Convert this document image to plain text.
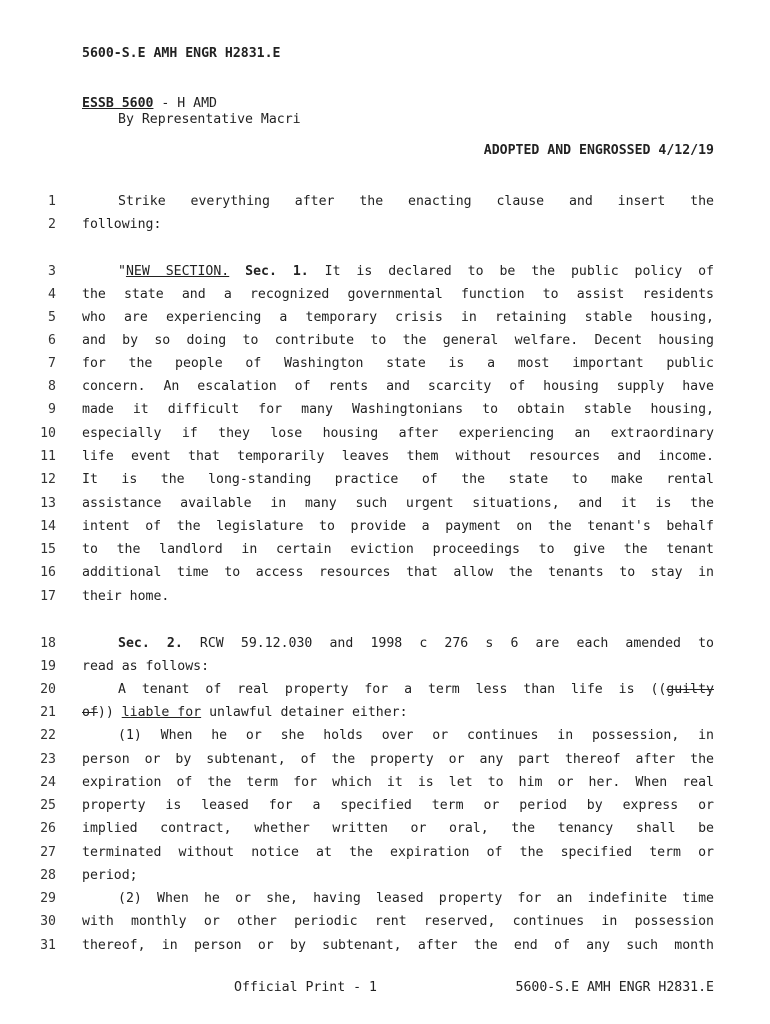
5600-S.E AMH ENGR H2831.E
ESSB 5600 - H AMD
By Representative Macri
ADOPTED AND ENGROSSED 4/12/19
1	Strike everything after the enacting clause and insert the
2 following:
3	"NEW SECTION. Sec. 1. It is declared to be the public policy of
4 the state and a recognized governmental function to assist residents
5 who are experiencing a temporary crisis in retaining stable housing,
6 and by so doing to contribute to the general welfare. Decent housing
7 for the people of Washington state is a most important public
8 concern. An escalation of rents and scarcity of housing supply have
9 made it difficult for many Washingtonians to obtain stable housing,
10 especially if they lose housing after experiencing an extraordinary
11 life event that temporarily leaves them without resources and income.
12 It is the long-standing practice of the state to make rental
13 assistance available in many such urgent situations, and it is the
14 intent of the legislature to provide a payment on the tenant's behalf
15 to the landlord in certain eviction proceedings to give the tenant
16 additional time to access resources that allow the tenants to stay in
17 their home.
18	Sec. 2. RCW 59.12.030 and 1998 c 276 s 6 are each amended to
19 read as follows:
20	A tenant of real property for a term less than life is ((guilty
21 of)) liable for unlawful detainer either:
22	(1) When he or she holds over or continues in possession, in
23 person or by subtenant, of the property or any part thereof after the
24 expiration of the term for which it is let to him or her. When real
25 property is leased for a specified term or period by express or
26 implied contract, whether written or oral, the tenancy shall be
27 terminated without notice at the expiration of the specified term or
28 period;
29	(2) When he or she, having leased property for an indefinite time
30 with monthly or other periodic rent reserved, continues in possession
31 thereof, in person or by subtenant, after the end of any such month
Official Print - 1	5600-S.E AMH ENGR H2831.E
